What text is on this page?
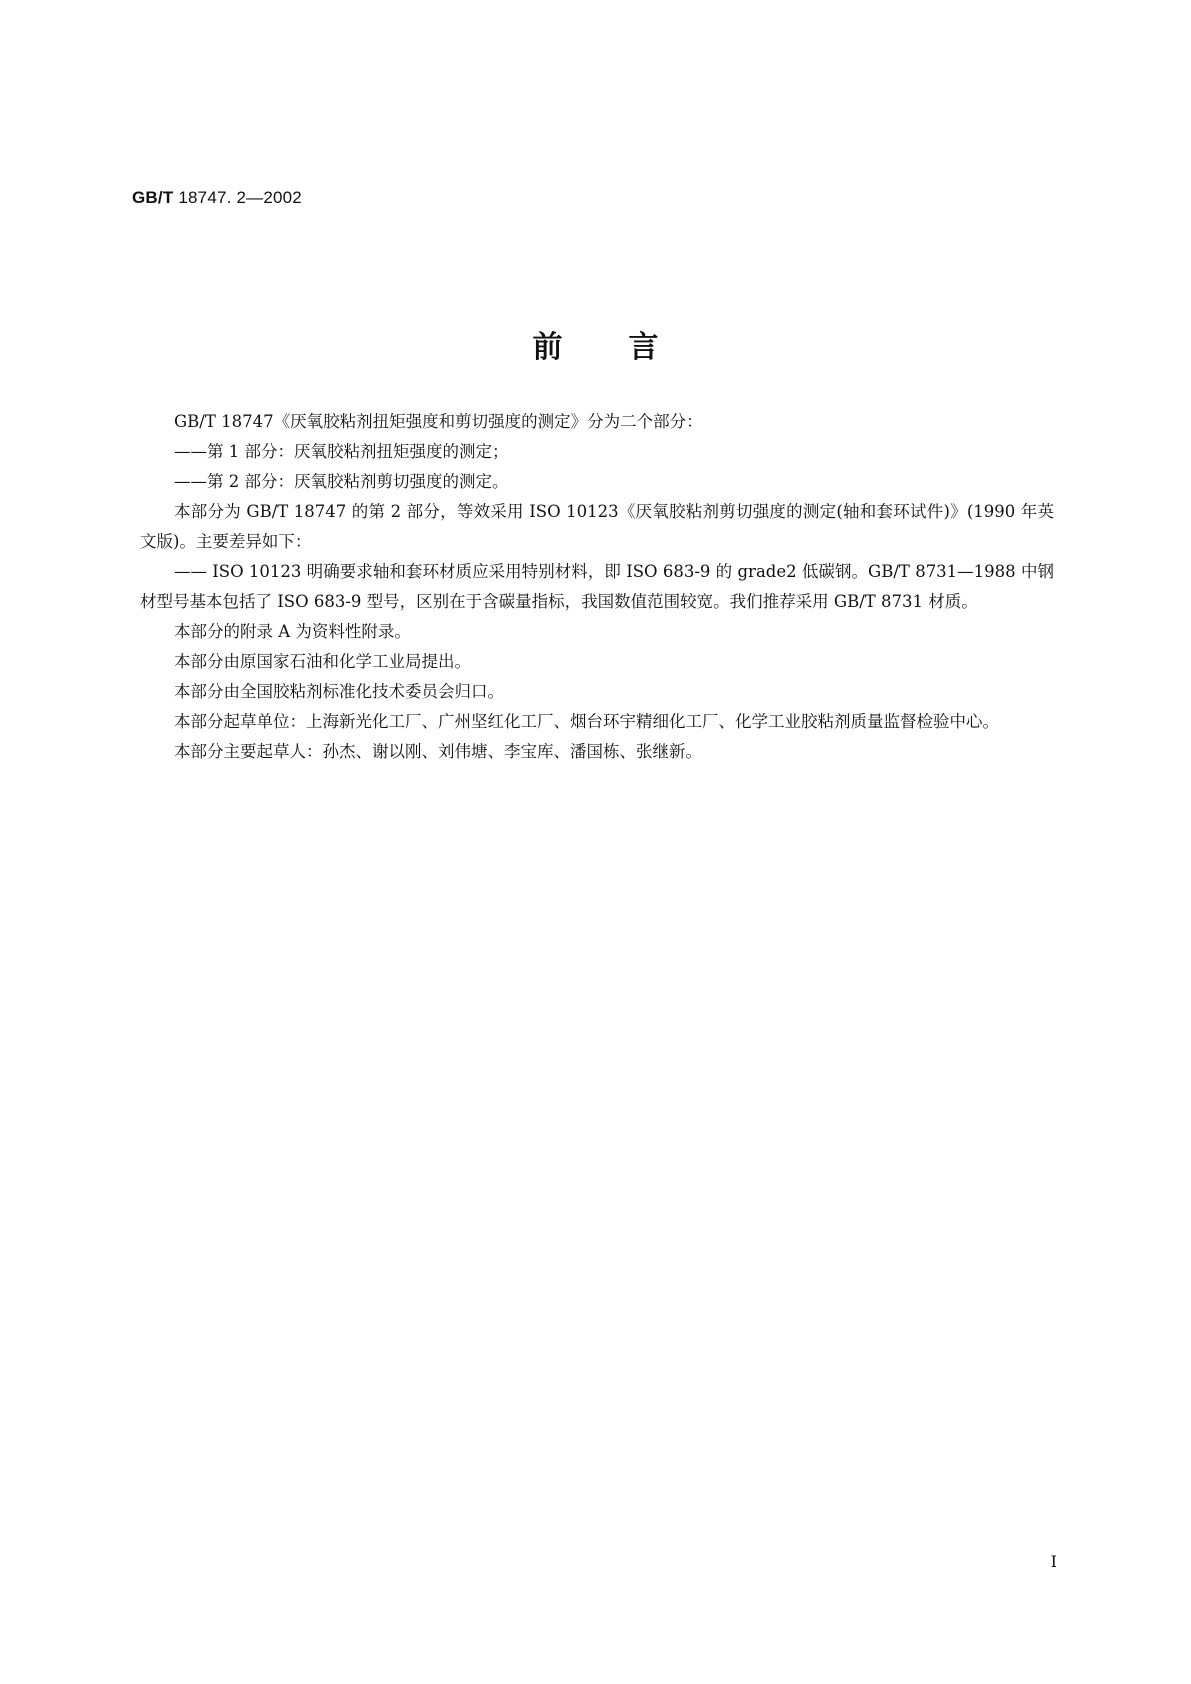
GB/T 18747. 2—2002
前言

GB/T 18747《厌氧胶粘剂扭矩强度和剪切强度的测定》分为二个部分：

——第 1 部分：厌氧胶粘剂扭矩强度的测定；

——第 2 部分：厌氧胶粘剂剪切强度的测定。

本部分为 GB/T 18747 的第 2 部分，等效采用 ISO 10123《厌氧胶粘剂剪切强度的测定(轴和套环试件)》(1990 年英文版)。主要差异如下：

—— ISO 10123 明确要求轴和套环材质应采用特别材料，即 ISO 683-9 的 grade2 低碳钢。GB/T 8731—1988 中钢材型号基本包括了 ISO 683-9 型号，区别在于含碳量指标，我国数值范围较宽。我们推荐采用 GB/T 8731 材质。

本部分的附录 A 为资料性附录。

本部分由原国家石油和化学工业局提出。

本部分由全国胶粘剂标准化技术委员会归口。

本部分起草单位：上海新光化工厂、广州坚红化工厂、烟台环宇精细化工厂、化学工业胶粘剂质量监督检验中心。

本部分主要起草人：孙杰、谢以刚、刘伟塘、李宝库、潘国栋、张继新。

I
